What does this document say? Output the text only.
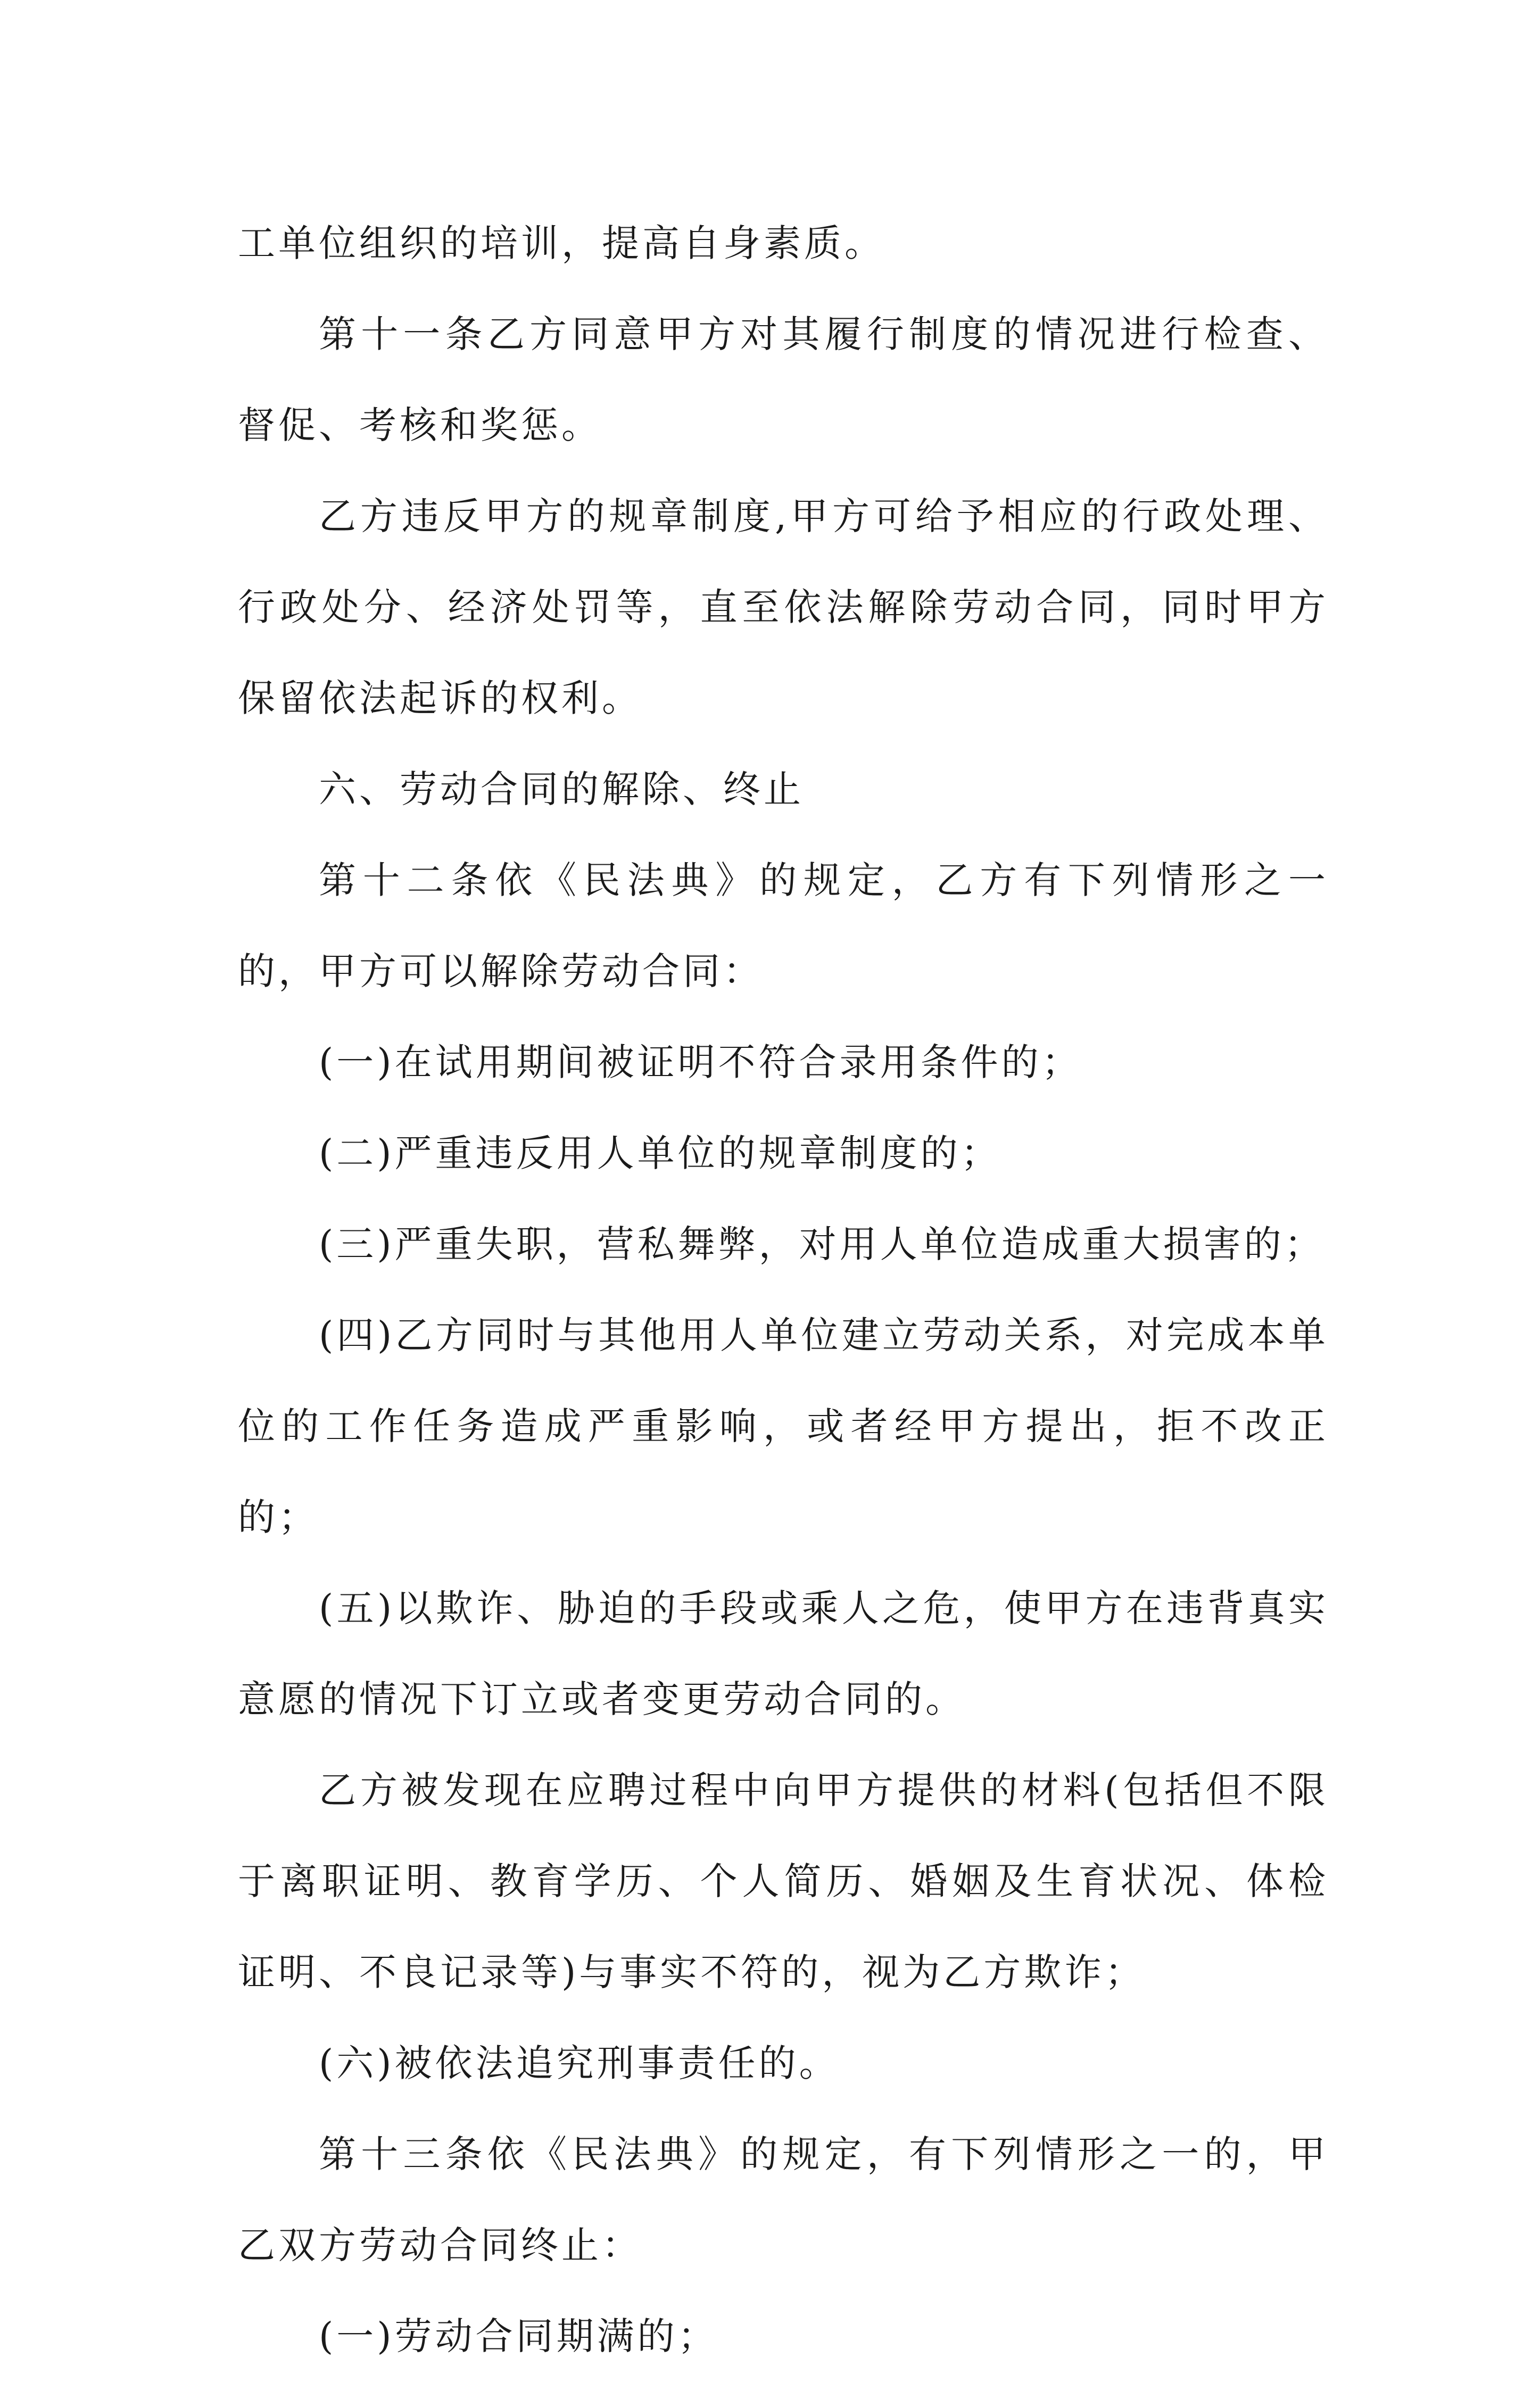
工单位组织的培训，提高自身素质。

第十一条乙方同意甲方对其履行制度的情况进行检查、督促、考核和奖惩。

乙方违反甲方的规章制度,甲方可给予相应的行政处理、行政处分、经济处罚等，直至依法解除劳动合同，同时甲方保留依法起诉的权利。

六、劳动合同的解除、终止

第十二条依《民法典》的规定，乙方有下列情形之一的，甲方可以解除劳动合同：

(一)在试用期间被证明不符合录用条件的；

(二)严重违反用人单位的规章制度的；

(三)严重失职，营私舞弊，对用人单位造成重大损害的；

(四)乙方同时与其他用人单位建立劳动关系，对完成本单位的工作任务造成严重影响，或者经甲方提出，拒不改正的；

(五)以欺诈、胁迫的手段或乘人之危，使甲方在违背真实意愿的情况下订立或者变更劳动合同的。

乙方被发现在应聘过程中向甲方提供的材料(包括但不限于离职证明、教育学历、个人简历、婚姻及生育状况、体检证明、不良记录等)与事实不符的，视为乙方欺诈；

(六)被依法追究刑事责任的。

第十三条依《民法典》的规定，有下列情形之一的，甲乙双方劳动合同终止：

(一)劳动合同期满的；
